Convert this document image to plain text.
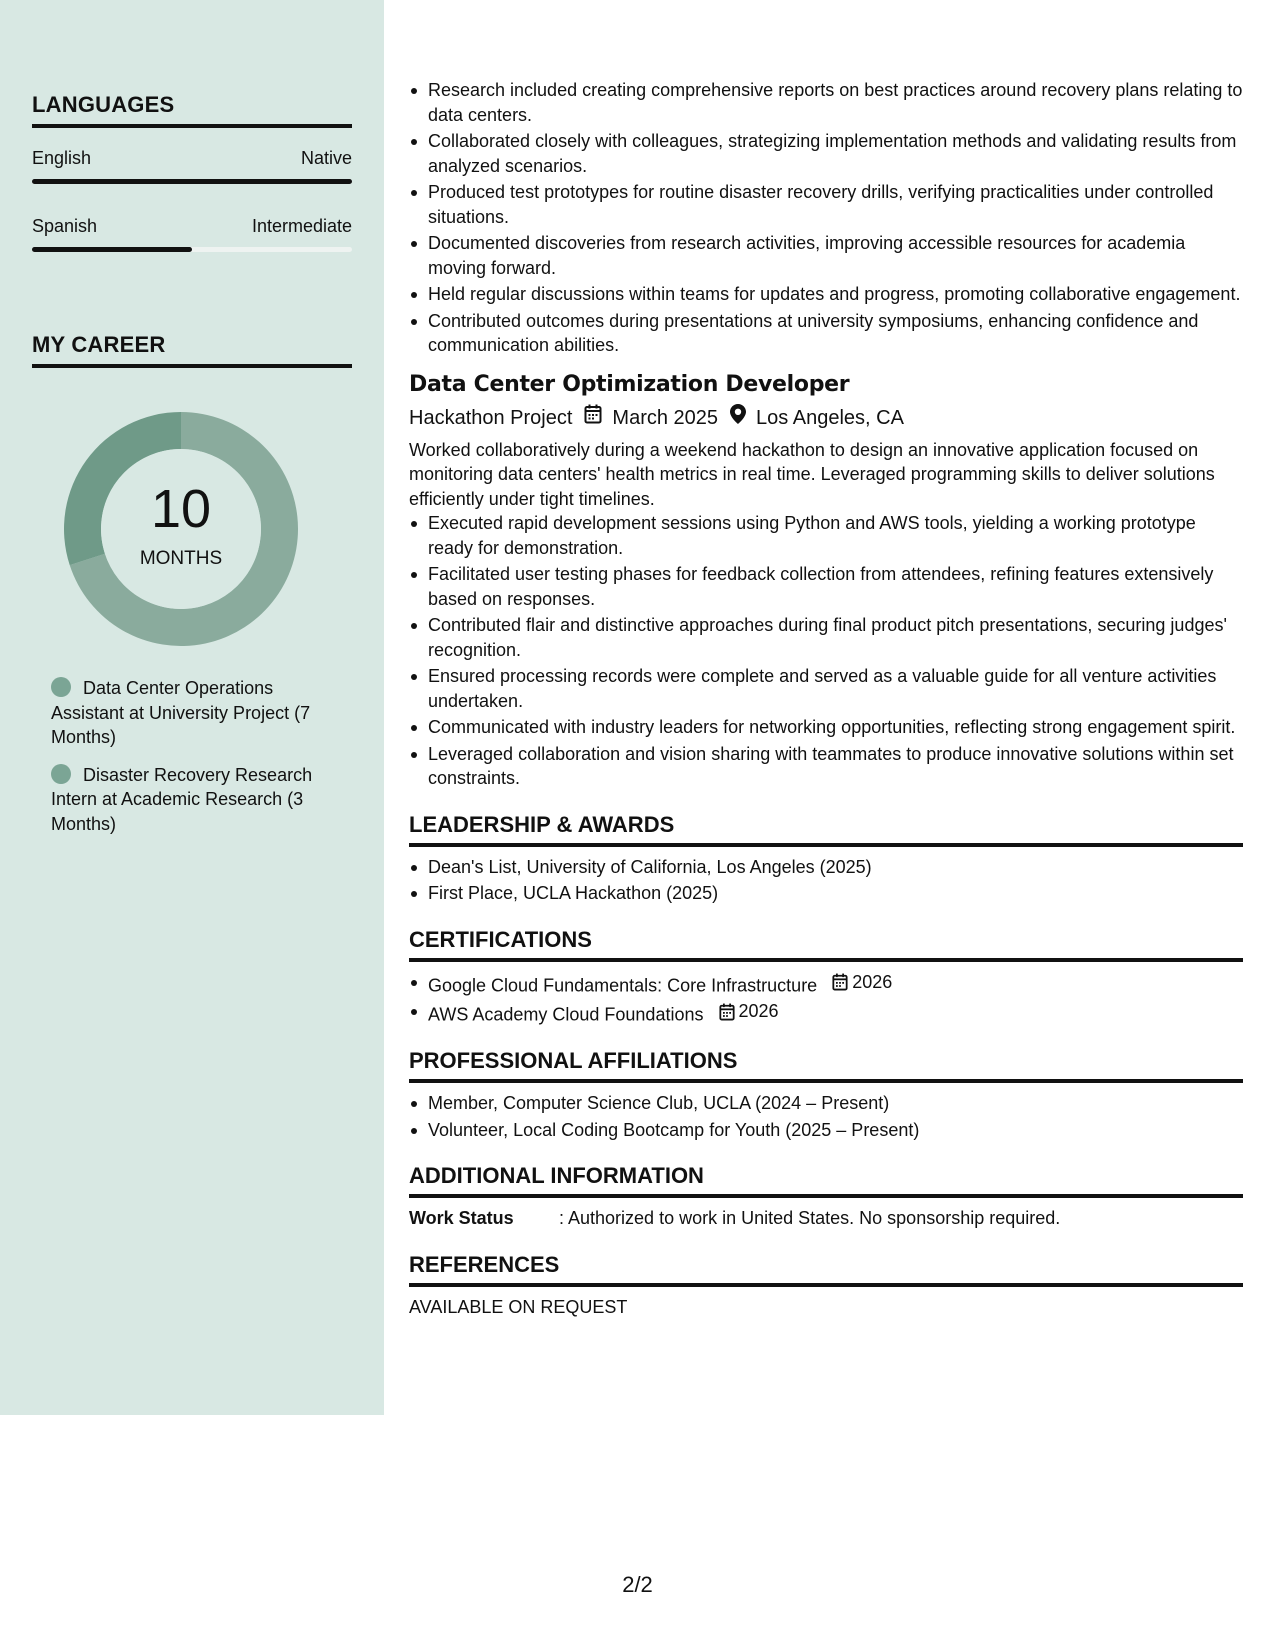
LANGUAGES
English	Native
Spanish	Intermediate
MY CAREER
10
MONTHS
Data Center Operations Assistant at University Project (7 Months)
Disaster Recovery Research Intern at Academic Research (3 Months)
Research included creating comprehensive reports on best practices around recovery plans relating to data centers.
Collaborated closely with colleagues, strategizing implementation methods and validating results from analyzed scenarios.
Produced test prototypes for routine disaster recovery drills, verifying practicalities under controlled situations.
Documented discoveries from research activities, improving accessible resources for academia moving forward.
Held regular discussions within teams for updates and progress, promoting collaborative engagement.
Contributed outcomes during presentations at university symposiums, enhancing confidence and communication abilities.
Data Center Optimization Developer
Hackathon Project March 2025 Los Angeles, CA
Worked collaboratively during a weekend hackathon to design an innovative application focused on monitoring data centers' health metrics in real time. Leveraged programming skills to deliver solutions efficiently under tight timelines.
Executed rapid development sessions using Python and AWS tools, yielding a working prototype ready for demonstration.
Facilitated user testing phases for feedback collection from attendees, refining features extensively based on responses.
Contributed flair and distinctive approaches during final product pitch presentations, securing judges' recognition.
Ensured processing records were complete and served as a valuable guide for all venture activities undertaken.
Communicated with industry leaders for networking opportunities, reflecting strong engagement spirit.
Leveraged collaboration and vision sharing with teammates to produce innovative solutions within set constraints.
LEADERSHIP & AWARDS
Dean's List, University of California, Los Angeles (2025)
First Place, UCLA Hackathon (2025)
CERTIFICATIONS
Google Cloud Fundamentals: Core Infrastructure 2026
AWS Academy Cloud Foundations 2026
PROFESSIONAL AFFILIATIONS
Member, Computer Science Club, UCLA (2024 – Present)
Volunteer, Local Coding Bootcamp for Youth (2025 – Present)
ADDITIONAL INFORMATION
Work Status	: Authorized to work in United States. No sponsorship required.
REFERENCES
AVAILABLE ON REQUEST
2/2
